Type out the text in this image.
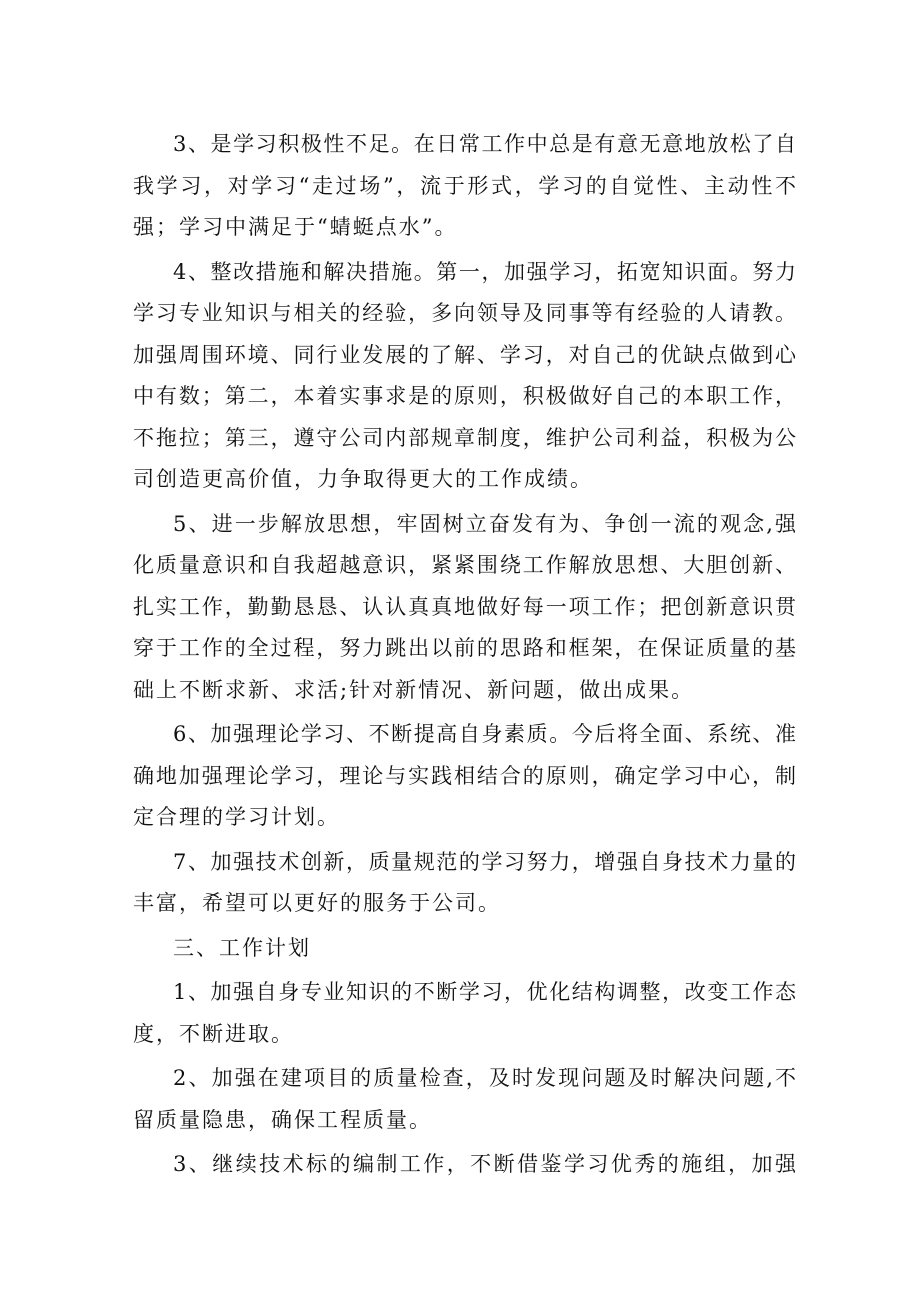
3、是学习积极性不足。在日常工作中总是有意无意地放松了自
我学习，对学习“走过场”，流于形式，学习的自觉性、主动性不
强；学习中满足于“蜻蜓点水”。
4、整改措施和解决措施。第一，加强学习，拓宽知识面。努力
学习专业知识与相关的经验，多向领导及同事等有经验的人请教。
加强周围环境、同行业发展的了解、学习，对自己的优缺点做到心
中有数；第二，本着实事求是的原则，积极做好自己的本职工作，
不拖拉；第三，遵守公司内部规章制度，维护公司利益，积极为公
司创造更高价值，力争取得更大的工作成绩。
5、进一步解放思想，牢固树立奋发有为、争创一流的观念,强
化质量意识和自我超越意识，紧紧围绕工作解放思想、大胆创新、
扎实工作，勤勤恳恳、认认真真地做好每一项工作；把创新意识贯
穿于工作的全过程，努力跳出以前的思路和框架，在保证质量的基
础上不断求新、求活;针对新情况、新问题，做出成果。
6、加强理论学习、不断提高自身素质。今后将全面、系统、准
确地加强理论学习，理论与实践相结合的原则，确定学习中心，制
定合理的学习计划。
7、加强技术创新，质量规范的学习努力，增强自身技术力量的
丰富，希望可以更好的服务于公司。
三、工作计划
1、加强自身专业知识的不断学习，优化结构调整，改变工作态
度，不断进取。
2、加强在建项目的质量检查，及时发现问题及时解决问题,不
留质量隐患，确保工程质量。
3、继续技术标的编制工作，不断借鉴学习优秀的施组，加强
